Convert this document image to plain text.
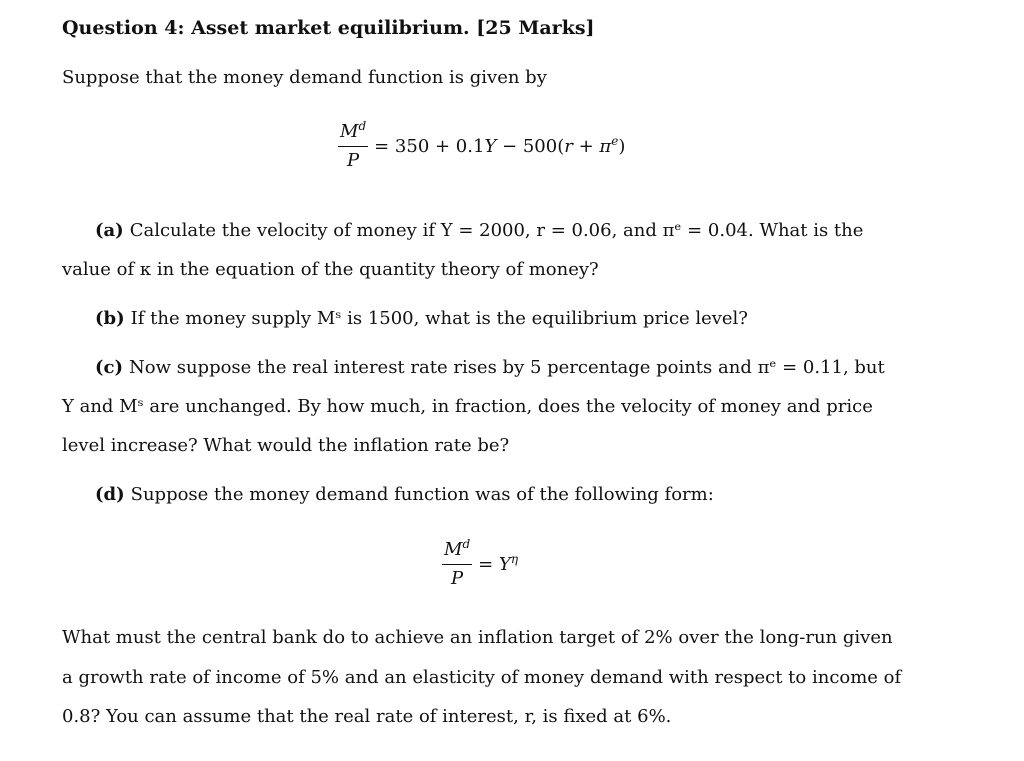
Question 4: Asset market equilibrium. [25 Marks]
Suppose that the money demand function is given by
$\frac{M^d}{P} = 350 + 0.1Y - 500(r + \pi^e)$
(a) Calculate the velocity of money if Y = 2000, r = 0.06, and πᵉ = 0.04. What is the
value of κ in the equation of the quantity theory of money?
(b) If the money supply Mˢ is 1500, what is the equilibrium price level?
(c) Now suppose the real interest rate rises by 5 percentage points and πᵉ = 0.11, but
Y and Mˢ are unchanged. By how much, in fraction, does the velocity of money and price
level increase? What would the inflation rate be?
(d) Suppose the money demand function was of the following form:
$\frac{M^d}{P} = Y^\eta$
What must the central bank do to achieve an inflation target of 2% over the long-run given
a growth rate of income of 5% and an elasticity of money demand with respect to income of
0.8? You can assume that the real rate of interest, r, is fixed at 6%.
